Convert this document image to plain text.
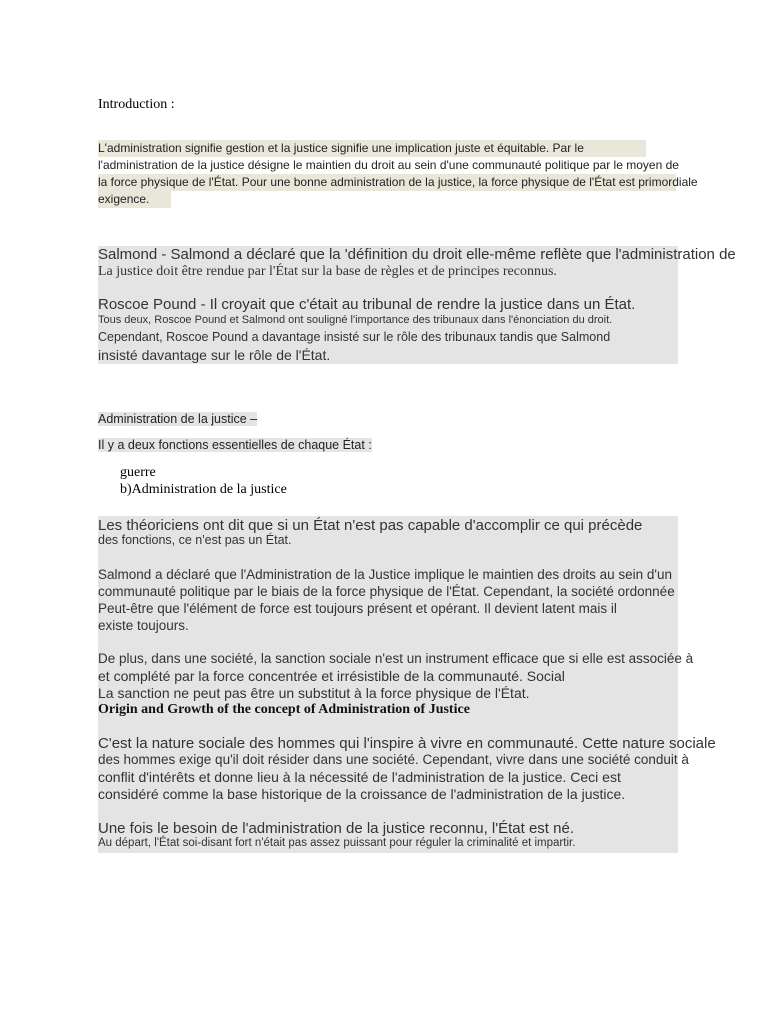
Introduction :
L'administration signifie gestion et la justice signifie une implication juste et équitable. Par le
l'administration de la justice désigne le maintien du droit au sein d'une communauté politique par le moyen de
la force physique de l'État. Pour une bonne administration de la justice, la force physique de l'État est primordiale
exigence.
Salmond - Salmond a déclaré que la 'définition du droit elle-même reflète que l'administration de
La justice doit être rendue par l'État sur la base de règles et de principes reconnus.
Roscoe Pound - Il croyait que c'était au tribunal de rendre la justice dans un État.
Tous deux, Roscoe Pound et Salmond ont souligné l'importance des tribunaux dans l'énonciation du droit.
Cependant, Roscoe Pound a davantage insisté sur le rôle des tribunaux tandis que Salmond
insisté davantage sur le rôle de l'État.
Administration de la justice –
Il y a deux fonctions essentielles de chaque État :
guerre
b)Administration de la justice
Les théoriciens ont dit que si un État n'est pas capable d'accomplir ce qui précède
des fonctions, ce n'est pas un État.
Salmond a déclaré que l'Administration de la Justice implique le maintien des droits au sein d'un
communauté politique par le biais de la force physique de l'État. Cependant, la société ordonnée
Peut-être que l'élément de force est toujours présent et opérant. Il devient latent mais il
existe toujours.
De plus, dans une société, la sanction sociale n'est un instrument efficace que si elle est associée à
et complété par la force concentrée et irrésistible de la communauté. Social
La sanction ne peut pas être un substitut à la force physique de l'État.
Origin and Growth of the concept of Administration of Justice
C'est la nature sociale des hommes qui l'inspire à vivre en communauté. Cette nature sociale
des hommes exige qu'il doit résider dans une société. Cependant, vivre dans une société conduit à
conflit d'intérêts et donne lieu à la nécessité de l'administration de la justice. Ceci est
considéré comme la base historique de la croissance de l'administration de la justice.
Une fois le besoin de l'administration de la justice reconnu, l'État est né.
Au départ, l'État soi-disant fort n'était pas assez puissant pour réguler la criminalité et impartir.
